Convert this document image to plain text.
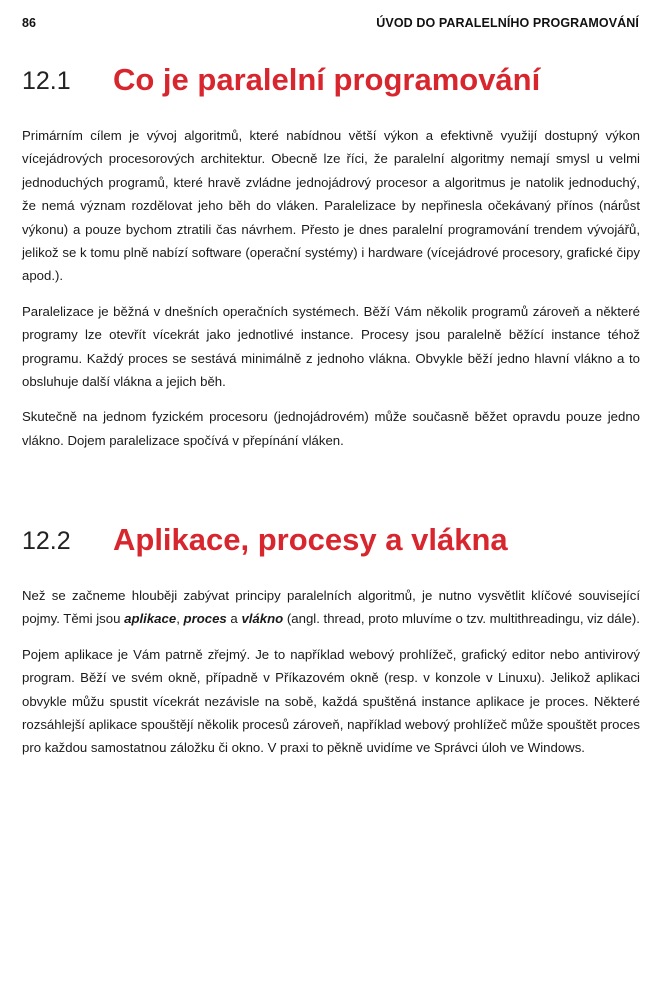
86	ÚVOD DO PARALELNÍHO PROGRAMOVÁNÍ
12.1 Co je paralelní programování

Primárním cílem je vývoj algoritmů, které nabídnou větší výkon a efektivně využijí dostupný výkon vícejádrových procesorových architektur. Obecně lze říci, že paralelní algoritmy nemají smysl u velmi jednoduchých programů, které hravě zvládne jednojádrový procesor a algoritmus je natolik jednoduchý, že nemá význam rozdělovat jeho běh do vláken. Paralelizace by nepřinesla očekávaný přínos (nárůst výkonu) a pouze bychom ztratili čas návrhem. Přesto je dnes paralelní programování trendem vývojářů, jelikož se k tomu plně nabízí software (operační systémy) i hardware (vícejádrové procesory, grafické čipy apod.).

Paralelizace je běžná v dnešních operačních systémech. Běží Vám několik programů zároveň a některé programy lze otevřít vícekrát jako jednotlivé instance. Procesy jsou paralelně běžící instance téhož programu. Každý proces se sestává minimálně z jednoho vlákna. Obvykle běží jedno hlavní vlákno a to obsluhuje další vlákna a jejich běh.

Skutečně na jednom fyzickém procesoru (jednojádrovém) může současně běžet opravdu pouze jedno vlákno. Dojem paralelizace spočívá v přepínání vláken.

12.2 Aplikace, procesy a vlákna

Než se začneme hlouběji zabývat principy paralelních algoritmů, je nutno vysvětlit klíčové související pojmy. Těmi jsou aplikace, proces a vlákno (angl. thread, proto mluvíme o tzv. multithreadingu, viz dále).

Pojem aplikace je Vám patrně zřejmý. Je to například webový prohlížeč, grafický editor nebo antivirový program. Běží ve svém okně, případně v Příkazovém okně (resp. v konzole v Linuxu). Jelikož aplikaci obvykle můžu spustit vícekrát nezávisle na sobě, každá spuštěná instance aplikace je proces. Některé rozsáhlejší aplikace spouštějí několik procesů zároveň, například webový prohlížeč může spouštět proces pro každou samostatnou záložku či okno. V praxi to pěkně uvidíme ve Správci úloh ve Windows.
